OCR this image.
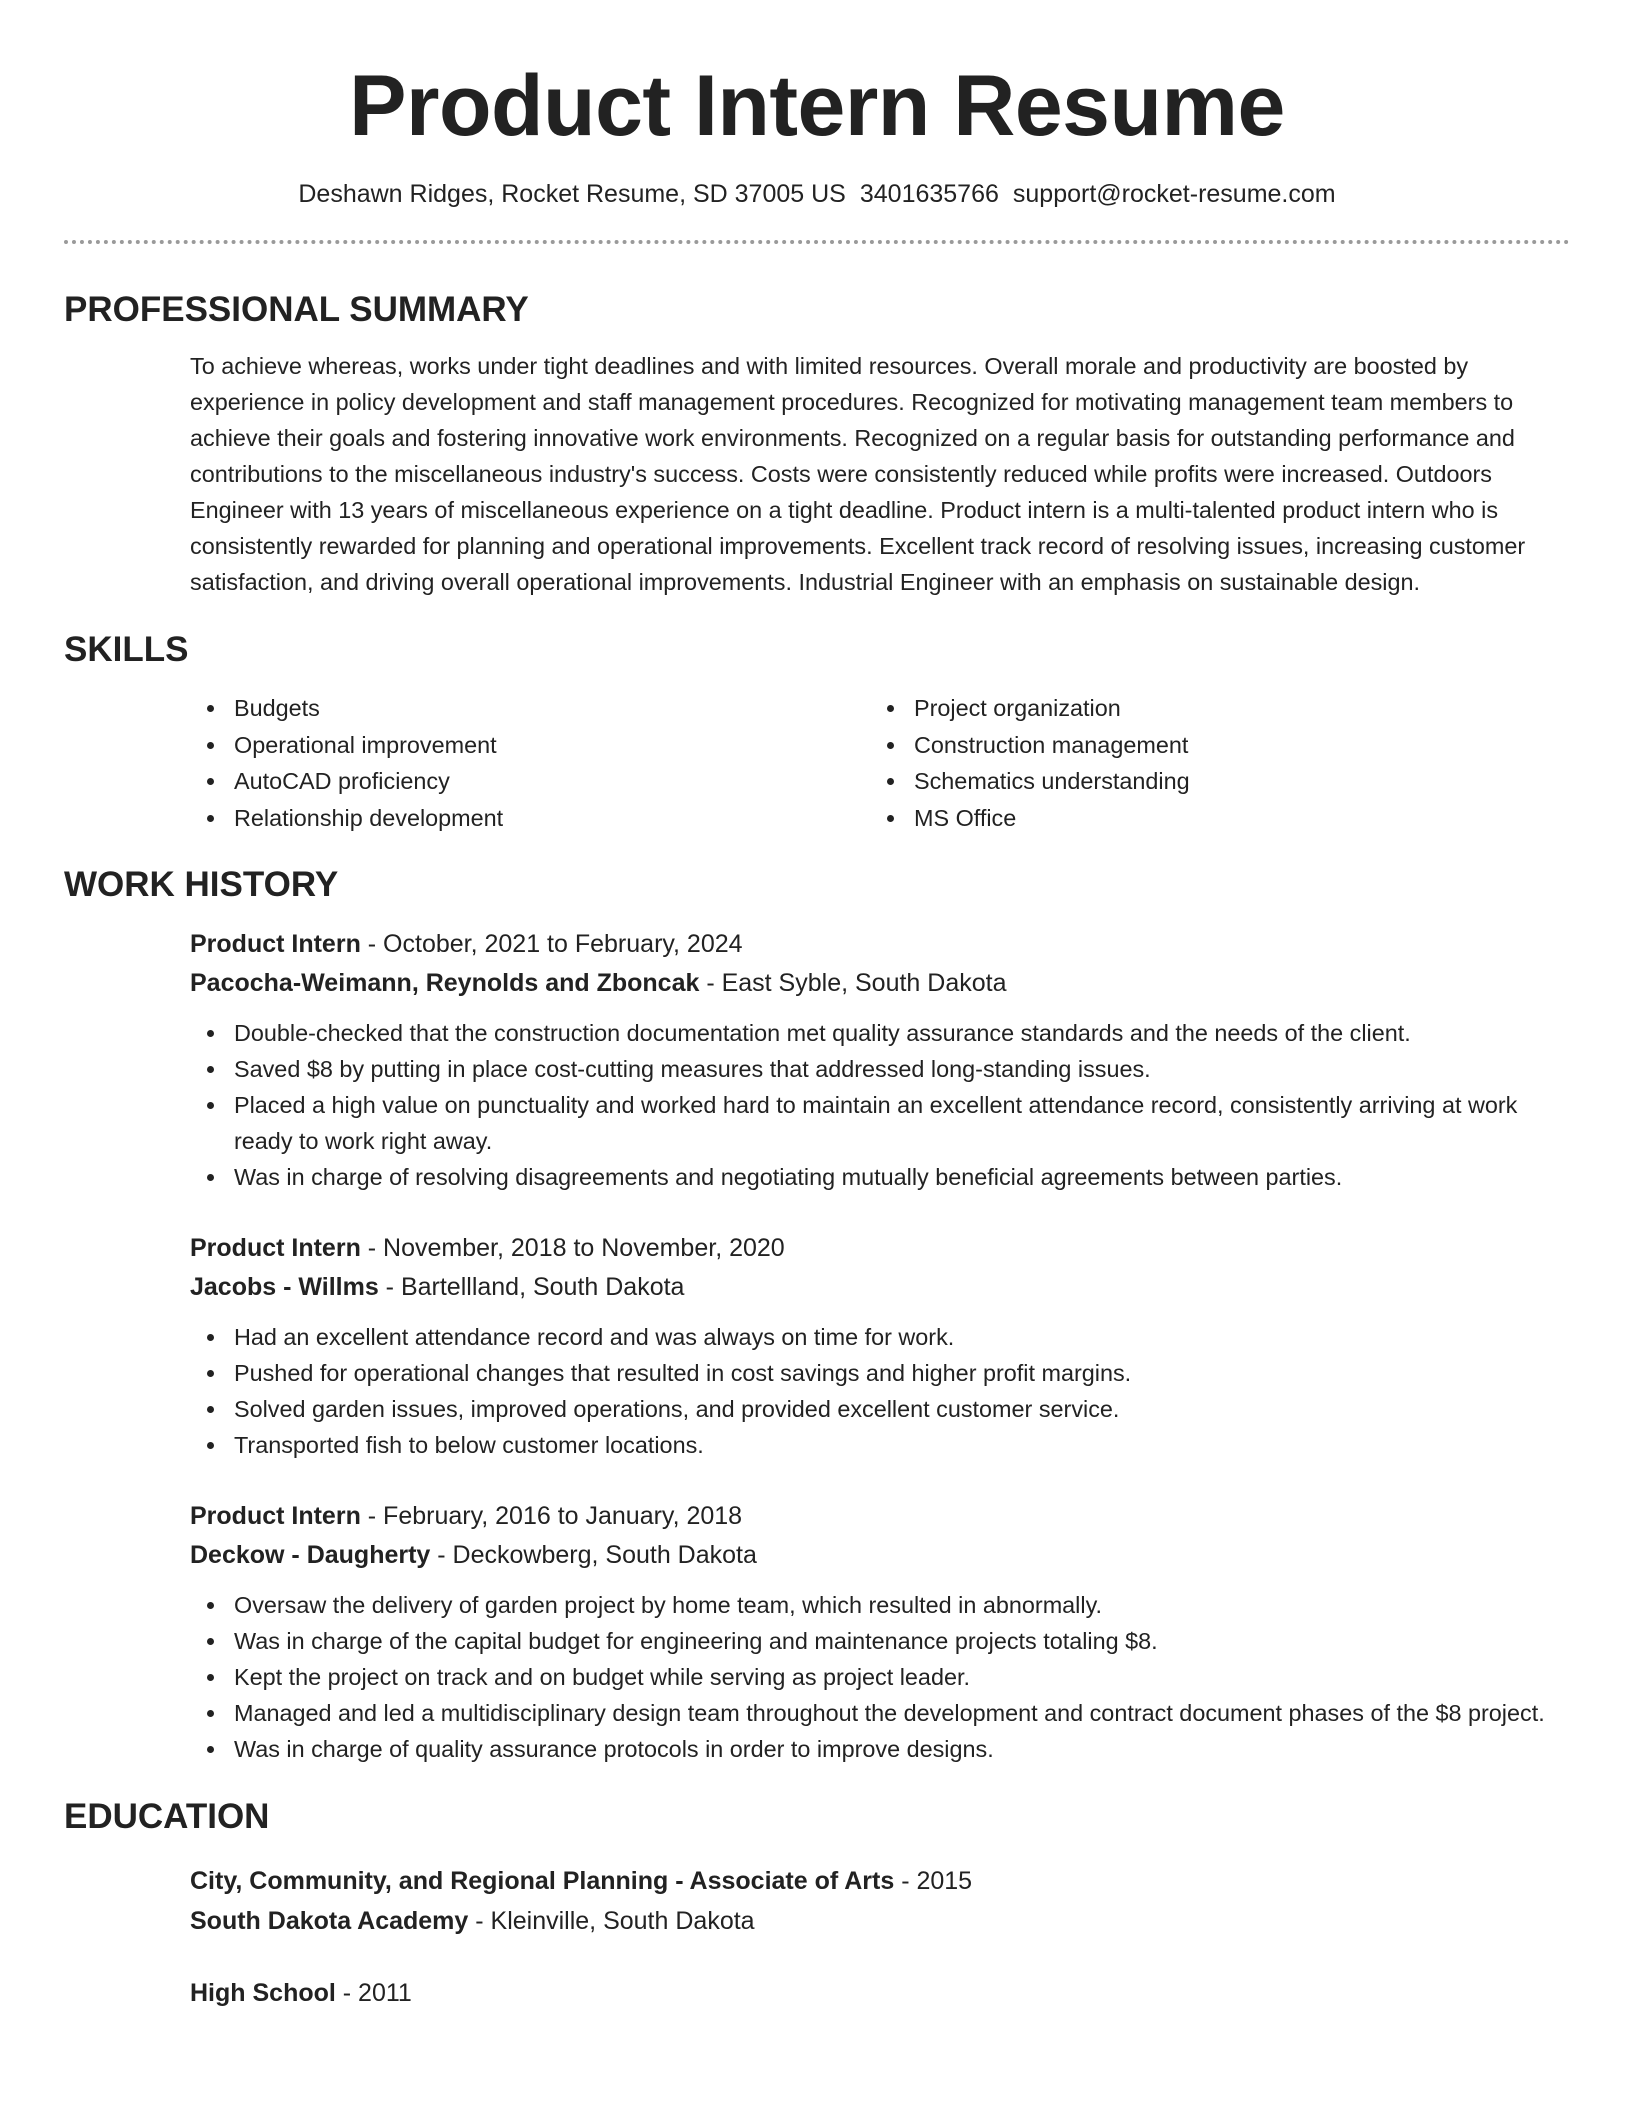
Product Intern Resume
Deshawn Ridges, Rocket Resume, SD 37005 US 3401635766 support@rocket-resume.com
PROFESSIONAL SUMMARY

To achieve whereas, works under tight deadlines and with limited resources. Overall morale and productivity are boosted by experience in policy development and staff management procedures. Recognized for motivating management team members to achieve their goals and fostering innovative work environments. Recognized on a regular basis for outstanding performance and contributions to the miscellaneous industry's success. Costs were consistently reduced while profits were increased. Outdoors Engineer with 13 years of miscellaneous experience on a tight deadline. Product intern is a multi-talented product intern who is consistently rewarded for planning and operational improvements. Excellent track record of resolving issues, increasing customer satisfaction, and driving overall operational improvements. Industrial Engineer with an emphasis on sustainable design.

SKILLS
Budgets
Operational improvement
AutoCAD proficiency
Relationship development
Project organization
Construction management
Schematics understanding
MS Office
WORK HISTORY
Product Intern - October, 2021 to February, 2024
Pacocha-Weimann, Reynolds and Zboncak - East Syble, South Dakota
Double-checked that the construction documentation met quality assurance standards and the needs of the client.
Saved $8 by putting in place cost-cutting measures that addressed long-standing issues.
Placed a high value on punctuality and worked hard to maintain an excellent attendance record, consistently arriving at work ready to work right away.
Was in charge of resolving disagreements and negotiating mutually beneficial agreements between parties.
Product Intern - November, 2018 to November, 2020
Jacobs - Willms - Bartellland, South Dakota
Had an excellent attendance record and was always on time for work.
Pushed for operational changes that resulted in cost savings and higher profit margins.
Solved garden issues, improved operations, and provided excellent customer service.
Transported fish to below customer locations.
Product Intern - February, 2016 to January, 2018
Deckow - Daugherty - Deckowberg, South Dakota
Oversaw the delivery of garden project by home team, which resulted in abnormally.
Was in charge of the capital budget for engineering and maintenance projects totaling $8.
Kept the project on track and on budget while serving as project leader.
Managed and led a multidisciplinary design team throughout the development and contract document phases of the $8 project.
Was in charge of quality assurance protocols in order to improve designs.
EDUCATION
City, Community, and Regional Planning - Associate of Arts - 2015
South Dakota Academy - Kleinville, South Dakota
High School - 2011
